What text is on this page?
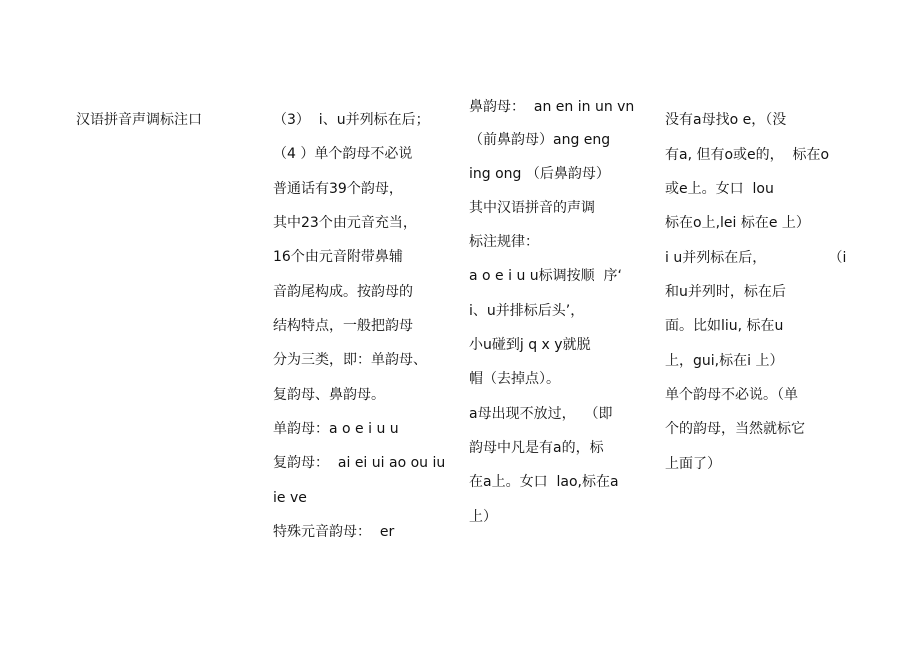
汉语拼音声调标注口	（3）  i、u并列标在后；
（4 ）单个韵母不必说
普通话有39个韵母，
其中23个由元音充当，
16个由元音附带鼻辅
音韵尾构成。按韵母的
结构特点，一般把韵母
分为三类，即：单韵母、
复韵母、鼻韵母。
单韵母：a o e i u u
复韵母：  ai ei ui ao ou iu
ie ve
特殊元音韵母：  er
鼻韵母：  an en in un vn
（前鼻韵母）ang eng
ing ong （后鼻韵母）
其中汉语拼音的声调
标注规律：
a o e i u u标调按顺  序‘
i、u并排标后头’，
小u碰到j q x y就脱
帽（去掉点）。
a母出现不放过，  （即
韵母中凡是有a的，标
在a上。女口  lao,标在a
上）
没有a母找o e，（没
有a, 但有o或e的，  标在o
或e上。女口  lou
标在o上,lei 标在e 上）
i u并列标在后，              （i
和u并列时，标在后
面。比如liu, 标在u
上，gui,标在i 上）
单个韵母不必说。（单
个的韵母，当然就标它
上面了）
